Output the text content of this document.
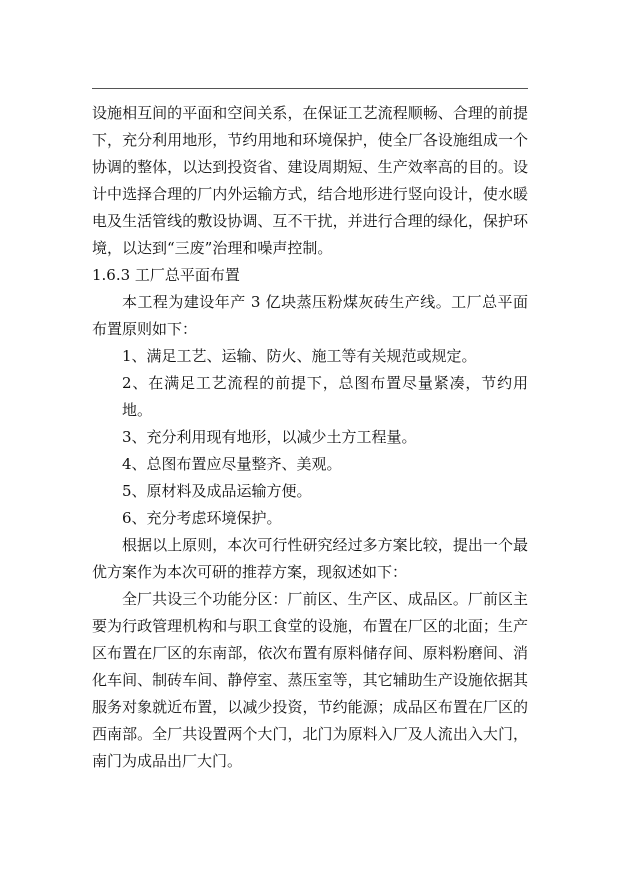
设施相互间的平面和空间关系，在保证工艺流程顺畅、合理的前提下，充分利用地形，节约用地和环境保护，使全厂各设施组成一个协调的整体，以达到投资省、建设周期短、生产效率高的目的。设计中选择合理的厂内外运输方式，结合地形进行竖向设计，使水暖电及生活管线的敷设协调、互不干扰，并进行合理的绿化，保护环境，以达到“三废”治理和噪声控制。

1.6.3 工厂总平面布置

本工程为建设年产 3 亿块蒸压粉煤灰砖生产线。工厂总平面布置原则如下：

1、满足工艺、运输、防火、施工等有关规范或规定。

2、在满足工艺流程的前提下，总图布置尽量紧凑，节约用地。

3、充分利用现有地形，以减少土方工程量。

4、总图布置应尽量整齐、美观。

5、原材料及成品运输方便。

6、充分考虑环境保护。

根据以上原则，本次可行性研究经过多方案比较，提出一个最优方案作为本次可研的推荐方案，现叙述如下：

全厂共设三个功能分区：厂前区、生产区、成品区。厂前区主要为行政管理机构和与职工食堂的设施，布置在厂区的北面；生产区布置在厂区的东南部，依次布置有原料储存间、原料粉磨间、消化车间、制砖车间、静停室、蒸压室等，其它辅助生产设施依据其服务对象就近布置，以减少投资，节约能源；成品区布置在厂区的西南部。全厂共设置两个大门，北门为原料入厂及人流出入大门，南门为成品出厂大门。
